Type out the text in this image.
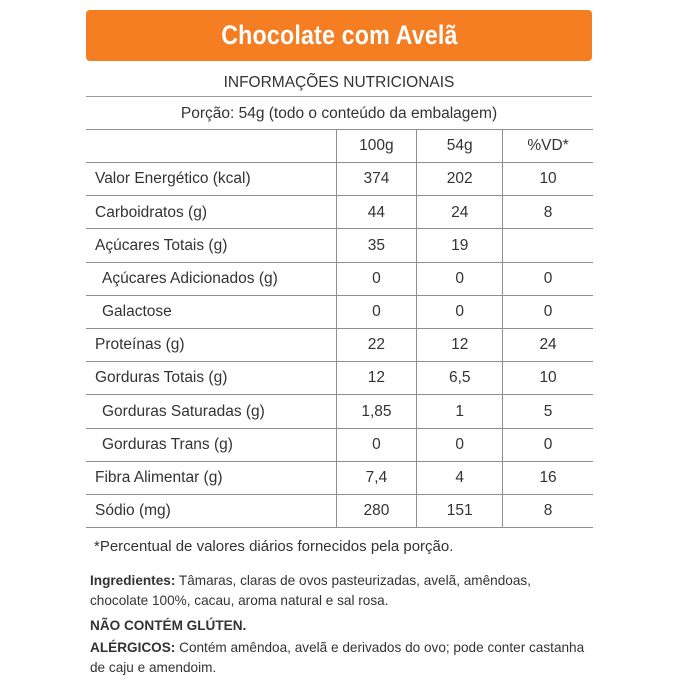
Chocolate com Avelã
INFORMAÇÕES NUTRICIONAIS
Porção: 54g (todo o conteúdo da embalagem)
	100g	54g	%VD*
Valor Energético (kcal)	374	202	10
Carboidratos (g)	44	24	8
Açúcares Totais (g)	35	19	
Açúcares Adicionados (g)	0	0	0
Galactose	0	0	0
Proteínas (g)	22	12	24
Gorduras Totais (g)	12	6,5	10
Gorduras Saturadas (g)	1,85	1	5
Gorduras Trans (g)	0	0	0
Fibra Alimentar (g)	7,4	4	16
Sódio (mg)	280	151	8
*Percentual de valores diários fornecidos pela porção.
Ingredientes: Tâmaras, claras de ovos pasteurizadas, avelã, amêndoas, chocolate 100%, cacau, aroma natural e sal rosa.
NÃO CONTÉM GLÚTEN.
ALÉRGICOS: Contém amêndoa, avelã e derivados do ovo; pode conter castanha de caju e amendoim.
